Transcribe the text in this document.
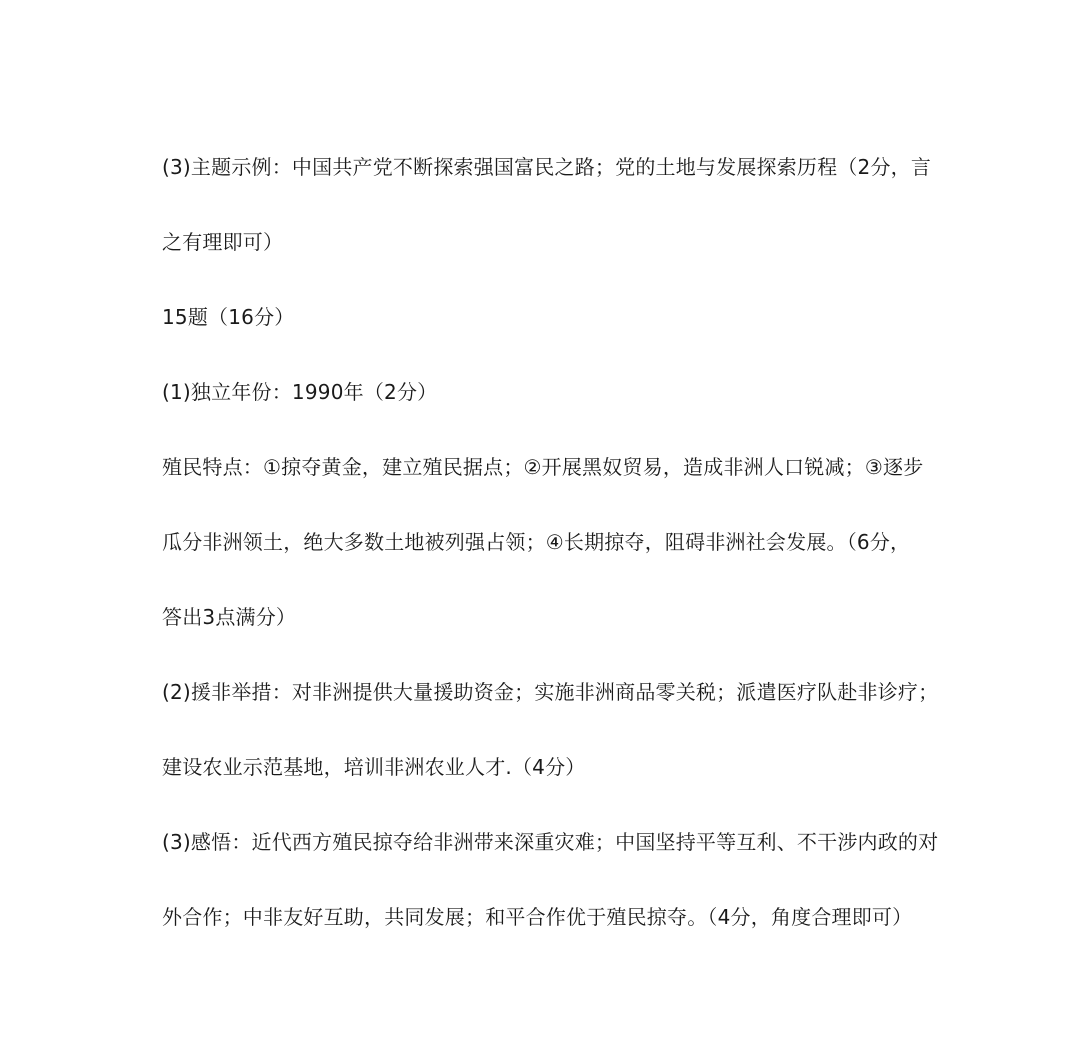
(3)主题示例：中国共产党不断探索强国富民之路；党的土地与发展探索历程（2分，言
之有理即可）
15题（16分）
(1)独立年份：1990年（2分）
殖民特点：①掠夺黄金，建立殖民据点；②开展黑奴贸易，造成非洲人口锐减；③逐步
瓜分非洲领土，绝大多数土地被列强占领；④长期掠夺，阻碍非洲社会发展。（6分，
答出3点满分）
(2)援非举措：对非洲提供大量援助资金；实施非洲商品零关税；派遣医疗队赴非诊疗；
建设农业示范基地，培训非洲农业人才.（4分）
(3)感悟：近代西方殖民掠夺给非洲带来深重灾难；中国坚持平等互利、不干涉内政的对
外合作；中非友好互助，共同发展；和平合作优于殖民掠夺。（4分，角度合理即可）
